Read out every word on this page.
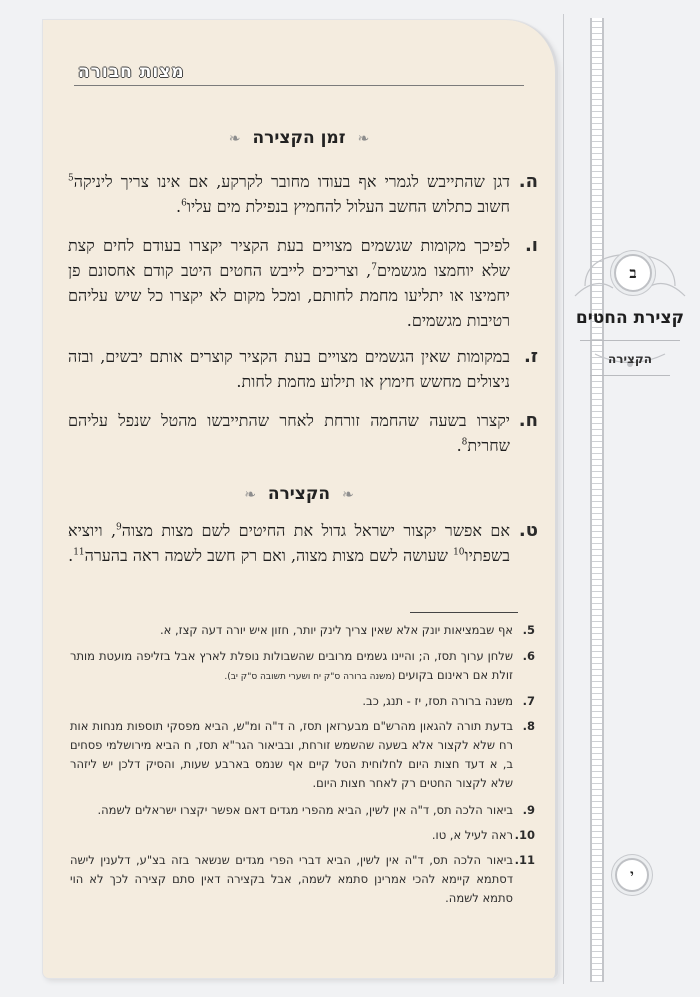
מצות חבורה
❧ זמן הקצירה ❧
ה.
דגן שהתייבש לגמרי אף בעודו מחובר לקרקע, אם אינו צריך ליניקה$^5$ חשוב כתלוש החשב העלול להחמיץ בנפילת מים עליו$^6$.
ו.
לפיכך מקומות שגשמים מצויים בעת הקציר יקצרו בעודם לחים קצת שלא יוחמצו מגשמים$^7$, וצריכים לייבש החטים היטב קודם אחסונם פן יחמיצו או יתליעו מחמת לחותם, ומכל מקום לא יקצרו כל שיש עליהם רטיבות מגשמים.
ז.
במקומות שאין הגשמים מצויים בעת הקציר קוצרים אותם יבשים, ובזה ניצולים מחשש חימוץ או תילוע מחמת לחות.
ח.
יקצרו בשעה שהחמה זורחת לאחר שהתייבשו מהטל שנפל עליהם שחרית$^8$.
❧ הקצירה ❧
ט.
אם אפשר יקצור ישראל גדול את החיטים לשם מצות מצוה$^9$, ויוציא בשפתיו$^{10}$ שעושה לשם מצות מצוה, ואם רק חשב לשמה ראה בהערה$^{11}$.
5.
אף שבמציאות יונק אלא שאין צריך לינק יותר, חזון איש יורה דעה קצז, א.
6.
שלחן ערוך תסז, ה; והיינו גשמים מרובים שהשבולות נופלת לארץ אבל בזליפה מועטת מותר זולת אם ראינום בקועים (משנה ברורה ס"ק יח ושערי תשובה ס"ק יב).
7.
משנה ברורה תסז, יז - תנג, כב.
8.
בדעת תורה להגאון מהרש"ם מבערזאן תסז, ה ד"ה ומ"ש, הביא מפסקי תוספות מנחות אות רח שלא לקצור אלא בשעה שהשמש זורחת, ובביאור הגר"א תסז, ח הביא מירושלמי פסחים ב, א דעד חצות היום לחלוחית הטל קיים אף שנמס בארבע שעות, והסיק דלכן יש ליזהר שלא לקצור החטים רק לאחר חצות היום.
9.
ביאור הלכה תס, ד"ה אין לשין, הביא מהפרי מגדים דאם אפשר יקצרו ישראלים לשמה.
10.
ראה לעיל א, טו.
11.
ביאור הלכה תס, ד"ה אין לשין, הביא דברי הפרי מגדים שנשאר בזה בצ"ע, דלענין לישה דסתמא קיימא להכי אמרינן סתמא לשמה, אבל בקצירה דאין סתם קצירה לכך לא הוי סתמא לשמה.
ב
קצירת החטים
הקצירה
י
